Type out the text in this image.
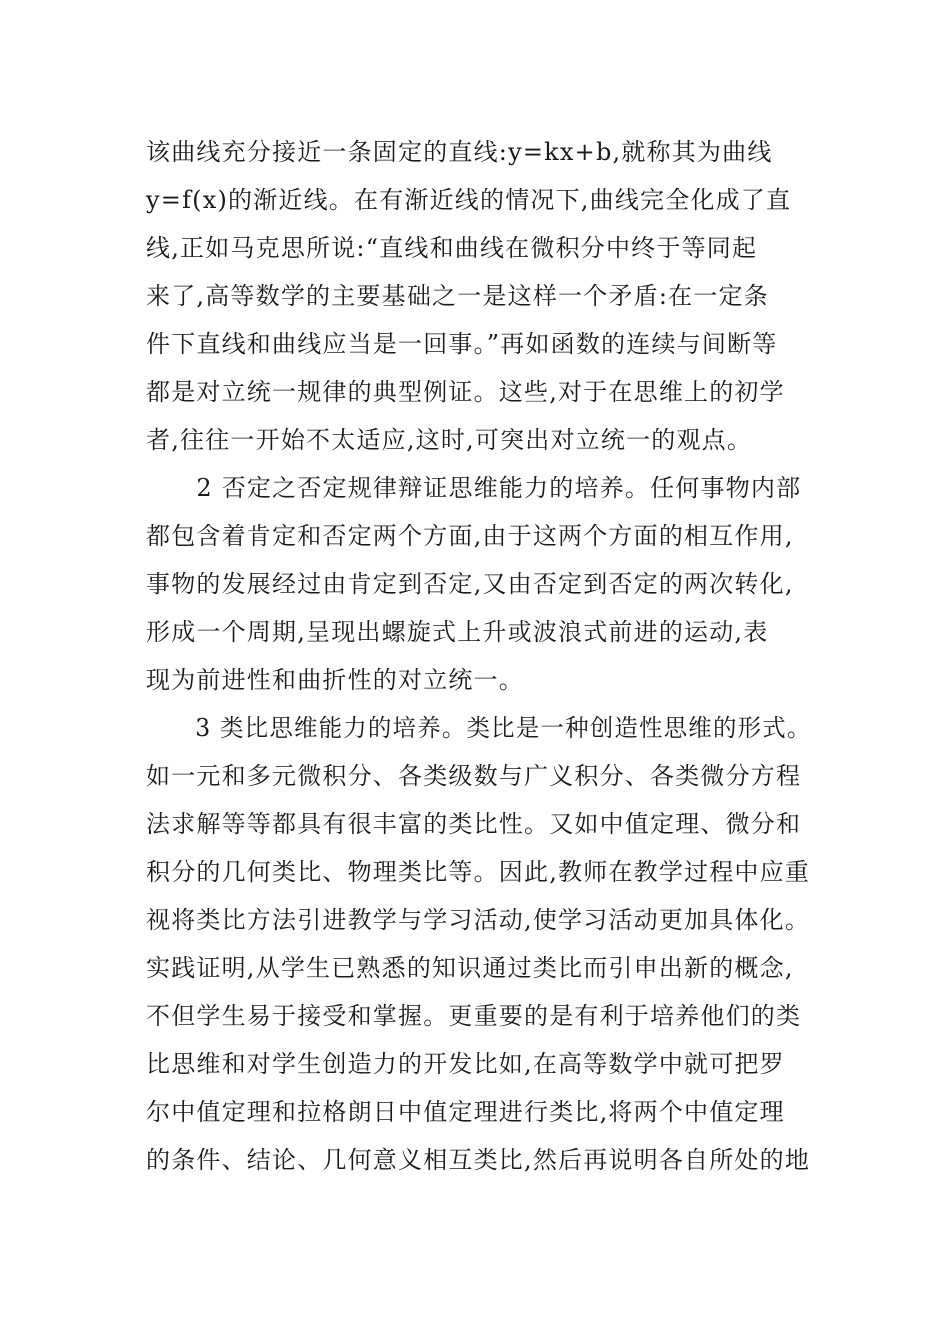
该曲线充分接近一条固定的直线:y=kx+b,就称其为曲线
y=f(x)的渐近线。在有渐近线的情况下,曲线完全化成了直
线,正如马克思所说:“直线和曲线在微积分中终于等同起
来了,高等数学的主要基础之一是这样一个矛盾:在一定条
件下直线和曲线应当是一回事。”再如函数的连续与间断等
都是对立统一规律的典型例证。这些,对于在思维上的初学
者,往往一开始不太适应,这时,可突出对立统一的观点。
　　2 否定之否定规律辩证思维能力的培养。任何事物内部
都包含着肯定和否定两个方面,由于这两个方面的相互作用,
事物的发展经过由肯定到否定,又由否定到否定的两次转化,
形成一个周期,呈现出螺旋式上升或波浪式前进的运动,表
现为前进性和曲折性的对立统一。
　　3 类比思维能力的培养。类比是一种创造性思维的形式。
如一元和多元微积分、各类级数与广义积分、各类微分方程
法求解等等都具有很丰富的类比性。又如中值定理、微分和
积分的几何类比、物理类比等。因此,教师在教学过程中应重
视将类比方法引进教学与学习活动,使学习活动更加具体化。
实践证明,从学生已熟悉的知识通过类比而引申出新的概念,
不但学生易于接受和掌握。更重要的是有利于培养他们的类
比思维和对学生创造力的开发比如,在高等数学中就可把罗
尔中值定理和拉格朗日中值定理进行类比,将两个中值定理
的条件、结论、几何意义相互类比,然后再说明各自所处的地
